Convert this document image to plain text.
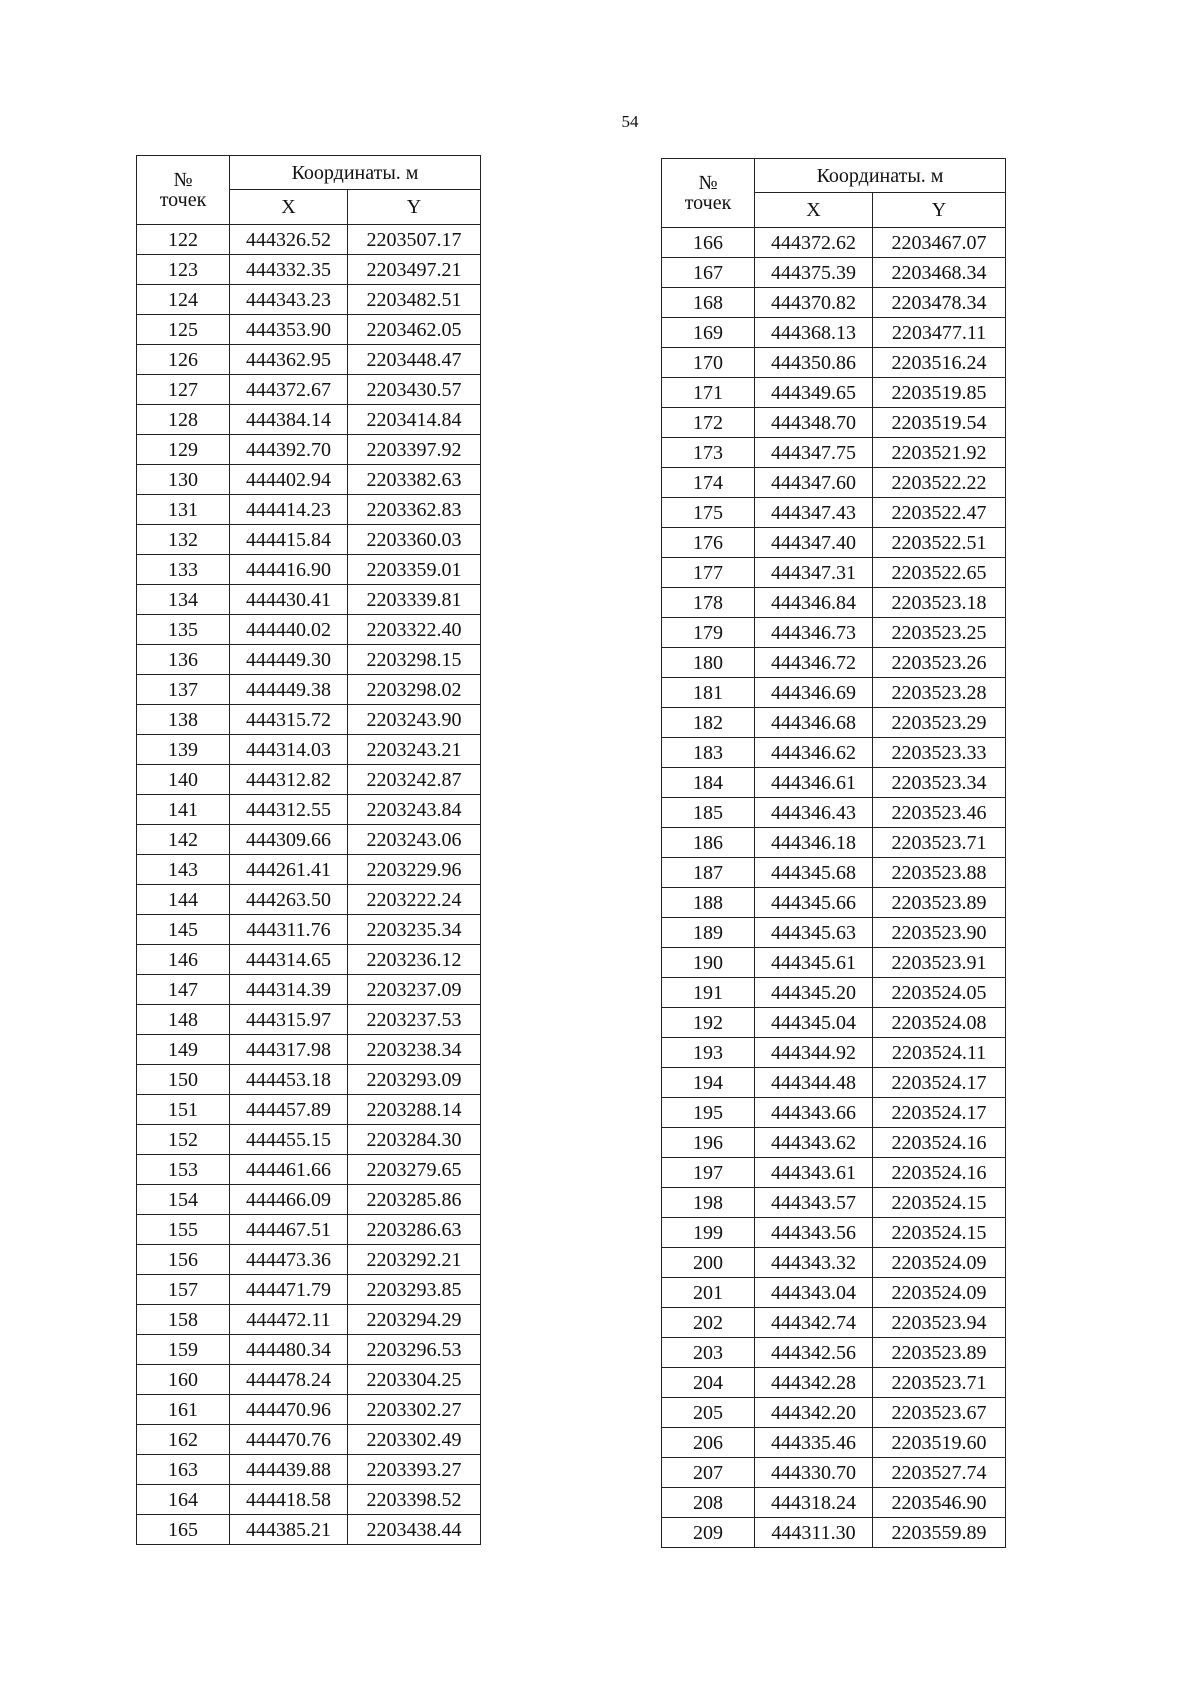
54
№
точек	Координаты. м	
	X	Y
122	444326.52	2203507.17
123	444332.35	2203497.21
124	444343.23	2203482.51
125	444353.90	2203462.05
126	444362.95	2203448.47
127	444372.67	2203430.57
128	444384.14	2203414.84
129	444392.70	2203397.92
130	444402.94	2203382.63
131	444414.23	2203362.83
132	444415.84	2203360.03
133	444416.90	2203359.01
134	444430.41	2203339.81
135	444440.02	2203322.40
136	444449.30	2203298.15
137	444449.38	2203298.02
138	444315.72	2203243.90
139	444314.03	2203243.21
140	444312.82	2203242.87
141	444312.55	2203243.84
142	444309.66	2203243.06
143	444261.41	2203229.96
144	444263.50	2203222.24
145	444311.76	2203235.34
146	444314.65	2203236.12
147	444314.39	2203237.09
148	444315.97	2203237.53
149	444317.98	2203238.34
150	444453.18	2203293.09
151	444457.89	2203288.14
152	444455.15	2203284.30
153	444461.66	2203279.65
154	444466.09	2203285.86
155	444467.51	2203286.63
156	444473.36	2203292.21
157	444471.79	2203293.85
158	444472.11	2203294.29
159	444480.34	2203296.53
160	444478.24	2203304.25
161	444470.96	2203302.27
162	444470.76	2203302.49
163	444439.88	2203393.27
164	444418.58	2203398.52
165	444385.21	2203438.44
№
точек	Координаты. м	
	X	Y
166	444372.62	2203467.07
167	444375.39	2203468.34
168	444370.82	2203478.34
169	444368.13	2203477.11
170	444350.86	2203516.24
171	444349.65	2203519.85
172	444348.70	2203519.54
173	444347.75	2203521.92
174	444347.60	2203522.22
175	444347.43	2203522.47
176	444347.40	2203522.51
177	444347.31	2203522.65
178	444346.84	2203523.18
179	444346.73	2203523.25
180	444346.72	2203523.26
181	444346.69	2203523.28
182	444346.68	2203523.29
183	444346.62	2203523.33
184	444346.61	2203523.34
185	444346.43	2203523.46
186	444346.18	2203523.71
187	444345.68	2203523.88
188	444345.66	2203523.89
189	444345.63	2203523.90
190	444345.61	2203523.91
191	444345.20	2203524.05
192	444345.04	2203524.08
193	444344.92	2203524.11
194	444344.48	2203524.17
195	444343.66	2203524.17
196	444343.62	2203524.16
197	444343.61	2203524.16
198	444343.57	2203524.15
199	444343.56	2203524.15
200	444343.32	2203524.09
201	444343.04	2203524.09
202	444342.74	2203523.94
203	444342.56	2203523.89
204	444342.28	2203523.71
205	444342.20	2203523.67
206	444335.46	2203519.60
207	444330.70	2203527.74
208	444318.24	2203546.90
209	444311.30	2203559.89
